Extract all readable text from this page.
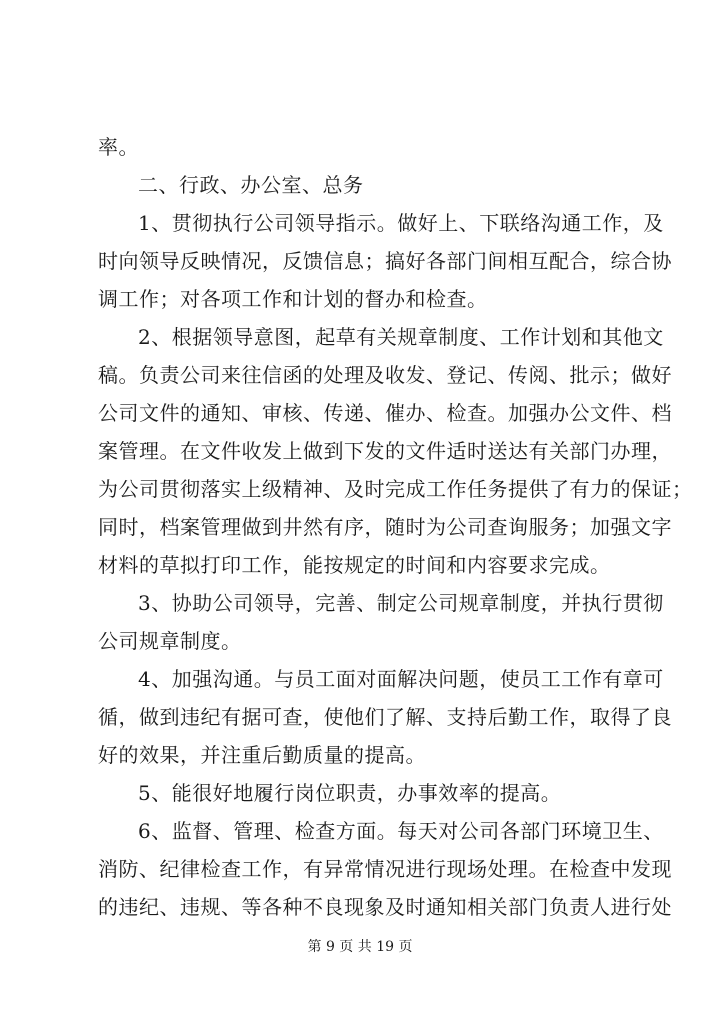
率。
二、行政、办公室、总务
1、贯彻执行公司领导指示。做好上、下联络沟通工作，及
时向领导反映情况，反馈信息；搞好各部门间相互配合，综合协
调工作；对各项工作和计划的督办和检查。
2、根据领导意图，起草有关规章制度、工作计划和其他文
稿。负责公司来往信函的处理及收发、登记、传阅、批示；做好
公司文件的通知、审核、传递、催办、检查。加强办公文件、档
案管理。在文件收发上做到下发的文件适时送达有关部门办理，
为公司贯彻落实上级精神、及时完成工作任务提供了有力的保证；
同时，档案管理做到井然有序，随时为公司查询服务；加强文字
材料的草拟打印工作，能按规定的时间和内容要求完成。
3、协助公司领导，完善、制定公司规章制度，并执行贯彻
公司规章制度。
4、加强沟通。与员工面对面解决问题，使员工工作有章可
循，做到违纪有据可查，使他们了解、支持后勤工作，取得了良
好的效果，并注重后勤质量的提高。
5、能很好地履行岗位职责，办事效率的提高。
6、监督、管理、检查方面。每天对公司各部门环境卫生、
消防、纪律检查工作，有异常情况进行现场处理。在检查中发现
的违纪、违规、等各种不良现象及时通知相关部门负责人进行处
第 9 页 共 19 页
